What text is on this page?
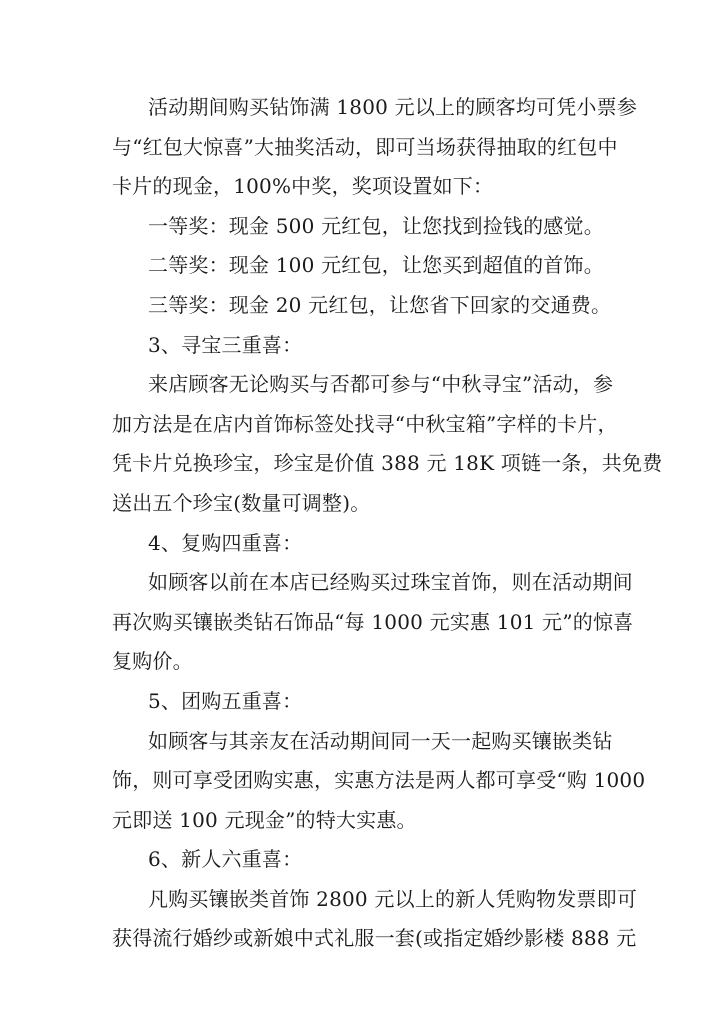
活动期间购买钻饰满 1800 元以上的顾客均可凭小票参
与“红包大惊喜”大抽奖活动，即可当场获得抽取的红包中
卡片的现金，100%中奖，奖项设置如下：
一等奖：现金 500 元红包，让您找到捡钱的感觉。
二等奖：现金 100 元红包，让您买到超值的首饰。
三等奖：现金 20 元红包，让您省下回家的交通费。
3、寻宝三重喜：
来店顾客无论购买与否都可参与“中秋寻宝”活动，参
加方法是在店内首饰标签处找寻“中秋宝箱”字样的卡片，
凭卡片兑换珍宝，珍宝是价值 388 元 18K 项链一条，共免费
送出五个珍宝(数量可调整)。
4、复购四重喜：
如顾客以前在本店已经购买过珠宝首饰，则在活动期间
再次购买镶嵌类钻石饰品“每 1000 元实惠 101 元”的惊喜
复购价。
5、团购五重喜：
如顾客与其亲友在活动期间同一天一起购买镶嵌类钻
饰，则可享受团购实惠，实惠方法是两人都可享受“购 1000
元即送 100 元现金”的特大实惠。
6、新人六重喜：
凡购买镶嵌类首饰 2800 元以上的新人凭购物发票即可
获得流行婚纱或新娘中式礼服一套(或指定婚纱影楼 888 元
